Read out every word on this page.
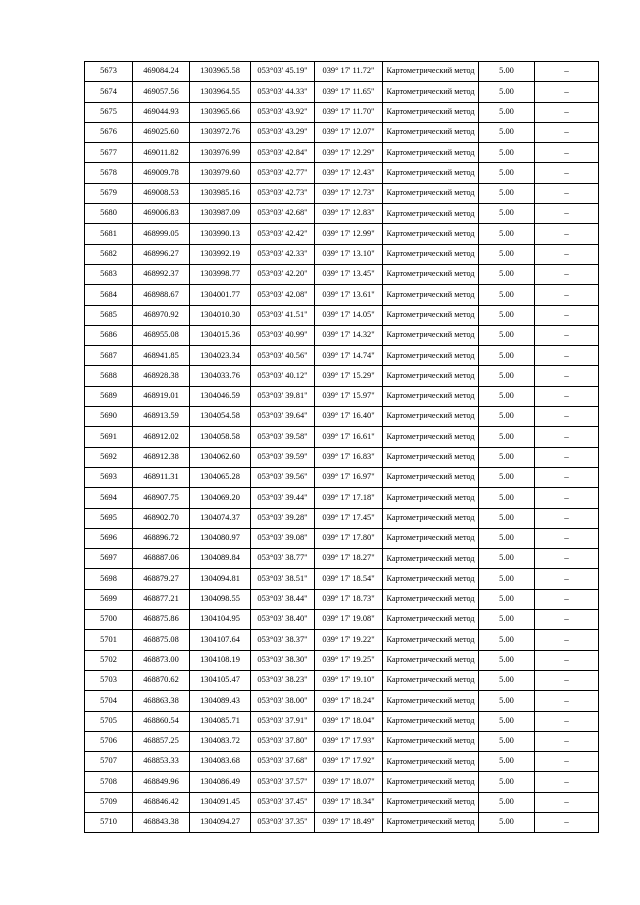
5673	469084.24	1303965.58	053°03' 45.19"	039° 17' 11.72"	Картометрический метод	5.00	–
5674	469057.56	1303964.55	053°03' 44.33"	039° 17' 11.65"	Картометрический метод	5.00	–
5675	469044.93	1303965.66	053°03' 43.92"	039° 17' 11.70"	Картометрический метод	5.00	–
5676	469025.60	1303972.76	053°03' 43.29"	039° 17' 12.07"	Картометрический метод	5.00	–
5677	469011.82	1303976.99	053°03' 42.84"	039° 17' 12.29"	Картометрический метод	5.00	–
5678	469009.78	1303979.60	053°03' 42.77"	039° 17' 12.43"	Картометрический метод	5.00	–
5679	469008.53	1303985.16	053°03' 42.73"	039° 17' 12.73"	Картометрический метод	5.00	–
5680	469006.83	1303987.09	053°03' 42.68"	039° 17' 12.83"	Картометрический метод	5.00	–
5681	468999.05	1303990.13	053°03' 42.42"	039° 17' 12.99"	Картометрический метод	5.00	–
5682	468996.27	1303992.19	053°03' 42.33"	039° 17' 13.10"	Картометрический метод	5.00	–
5683	468992.37	1303998.77	053°03' 42.20"	039° 17' 13.45"	Картометрический метод	5.00	–
5684	468988.67	1304001.77	053°03' 42.08"	039° 17' 13.61"	Картометрический метод	5.00	–
5685	468970.92	1304010.30	053°03' 41.51"	039° 17' 14.05"	Картометрический метод	5.00	–
5686	468955.08	1304015.36	053°03' 40.99"	039° 17' 14.32"	Картометрический метод	5.00	–
5687	468941.85	1304023.34	053°03' 40.56"	039° 17' 14.74"	Картометрический метод	5.00	–
5688	468928.38	1304033.76	053°03' 40.12"	039° 17' 15.29"	Картометрический метод	5.00	–
5689	468919.01	1304046.59	053°03' 39.81"	039° 17' 15.97"	Картометрический метод	5.00	–
5690	468913.59	1304054.58	053°03' 39.64"	039° 17' 16.40"	Картометрический метод	5.00	–
5691	468912.02	1304058.58	053°03' 39.58"	039° 17' 16.61"	Картометрический метод	5.00	–
5692	468912.38	1304062.60	053°03' 39.59"	039° 17' 16.83"	Картометрический метод	5.00	–
5693	468911.31	1304065.28	053°03' 39.56"	039° 17' 16.97"	Картометрический метод	5.00	–
5694	468907.75	1304069.20	053°03' 39.44"	039° 17' 17.18"	Картометрический метод	5.00	–
5695	468902.70	1304074.37	053°03' 39.28"	039° 17' 17.45"	Картометрический метод	5.00	–
5696	468896.72	1304080.97	053°03' 39.08"	039° 17' 17.80"	Картометрический метод	5.00	–
5697	468887.06	1304089.84	053°03' 38.77"	039° 17' 18.27"	Картометрический метод	5.00	–
5698	468879.27	1304094.81	053°03' 38.51"	039° 17' 18.54"	Картометрический метод	5.00	–
5699	468877.21	1304098.55	053°03' 38.44"	039° 17' 18.73"	Картометрический метод	5.00	–
5700	468875.86	1304104.95	053°03' 38.40"	039° 17' 19.08"	Картометрический метод	5.00	–
5701	468875.08	1304107.64	053°03' 38.37"	039° 17' 19.22"	Картометрический метод	5.00	–
5702	468873.00	1304108.19	053°03' 38.30"	039° 17' 19.25"	Картометрический метод	5.00	–
5703	468870.62	1304105.47	053°03' 38.23"	039° 17' 19.10"	Картометрический метод	5.00	–
5704	468863.38	1304089.43	053°03' 38.00"	039° 17' 18.24"	Картометрический метод	5.00	–
5705	468860.54	1304085.71	053°03' 37.91"	039° 17' 18.04"	Картометрический метод	5.00	–
5706	468857.25	1304083.72	053°03' 37.80"	039° 17' 17.93"	Картометрический метод	5.00	–
5707	468853.33	1304083.68	053°03' 37.68"	039° 17' 17.92"	Картометрический метод	5.00	–
5708	468849.96	1304086.49	053°03' 37.57"	039° 17' 18.07"	Картометрический метод	5.00	–
5709	468846.42	1304091.45	053°03' 37.45"	039° 17' 18.34"	Картометрический метод	5.00	–
5710	468843.38	1304094.27	053°03' 37.35"	039° 17' 18.49"	Картометрический метод	5.00	–
